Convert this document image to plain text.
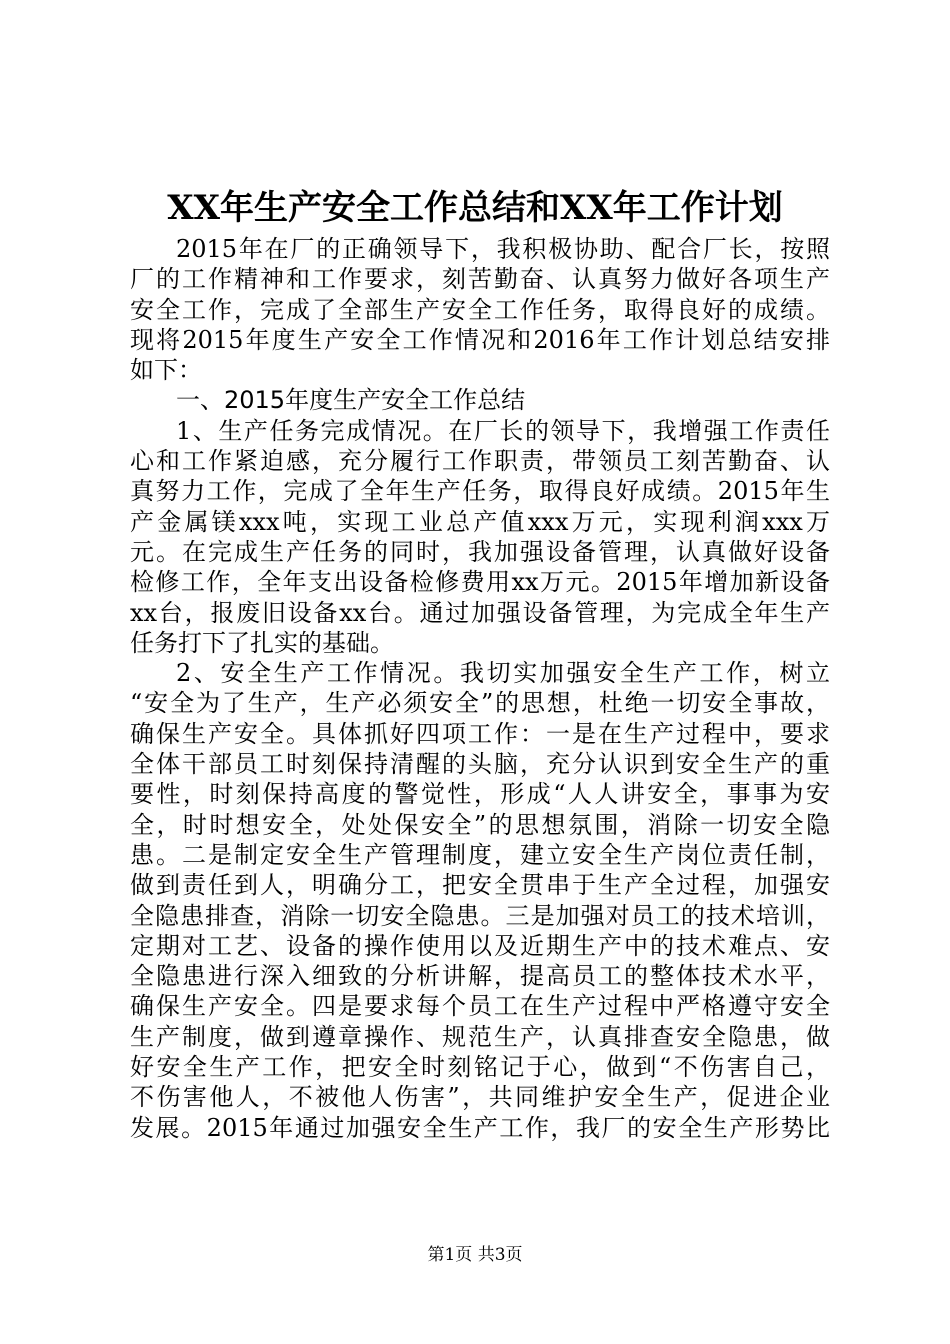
XX年生产安全工作总结和XX年工作计划
2015年在厂的正确领导下，我积极协助、配合厂长，按照
厂的工作精神和工作要求，刻苦勤奋、认真努力做好各项生产
安全工作，完成了全部生产安全工作任务，取得良好的成绩。
现将2015年度生产安全工作情况和2016年工作计划总结安排
如下：
一、2015年度生产安全工作总结
1、生产任务完成情况。在厂长的领导下，我增强工作责任
心和工作紧迫感，充分履行工作职责，带领员工刻苦勤奋、认
真努力工作，完成了全年生产任务，取得良好成绩。2015年生
产金属镁xxx吨，实现工业总产值xxx万元，实现利润xxx万
元。在完成生产任务的同时，我加强设备管理，认真做好设备
检修工作，全年支出设备检修费用xx万元。2015年增加新设备
xx台，报废旧设备xx台。通过加强设备管理，为完成全年生产
任务打下了扎实的基础。
2、安全生产工作情况。我切实加强安全生产工作，树立
“安全为了生产，生产必须安全”的思想，杜绝一切安全事故，
确保生产安全。具体抓好四项工作：一是在生产过程中，要求
全体干部员工时刻保持清醒的头脑，充分认识到安全生产的重
要性，时刻保持高度的警觉性，形成“人人讲安全，事事为安
全，时时想安全，处处保安全”的思想氛围，消除一切安全隐
患。二是制定安全生产管理制度，建立安全生产岗位责任制，
做到责任到人，明确分工，把安全贯串于生产全过程，加强安
全隐患排查，消除一切安全隐患。三是加强对员工的技术培训，
定期对工艺、设备的操作使用以及近期生产中的技术难点、安
全隐患进行深入细致的分析讲解，提高员工的整体技术水平，
确保生产安全。四是要求每个员工在生产过程中严格遵守安全
生产制度，做到遵章操作、规范生产，认真排查安全隐患，做
好安全生产工作，把安全时刻铭记于心，做到“不伤害自己，
不伤害他人，不被他人伤害”，共同维护安全生产，促进企业
发展。2015年通过加强安全生产工作，我厂的安全生产形势比
第1页 共3页
